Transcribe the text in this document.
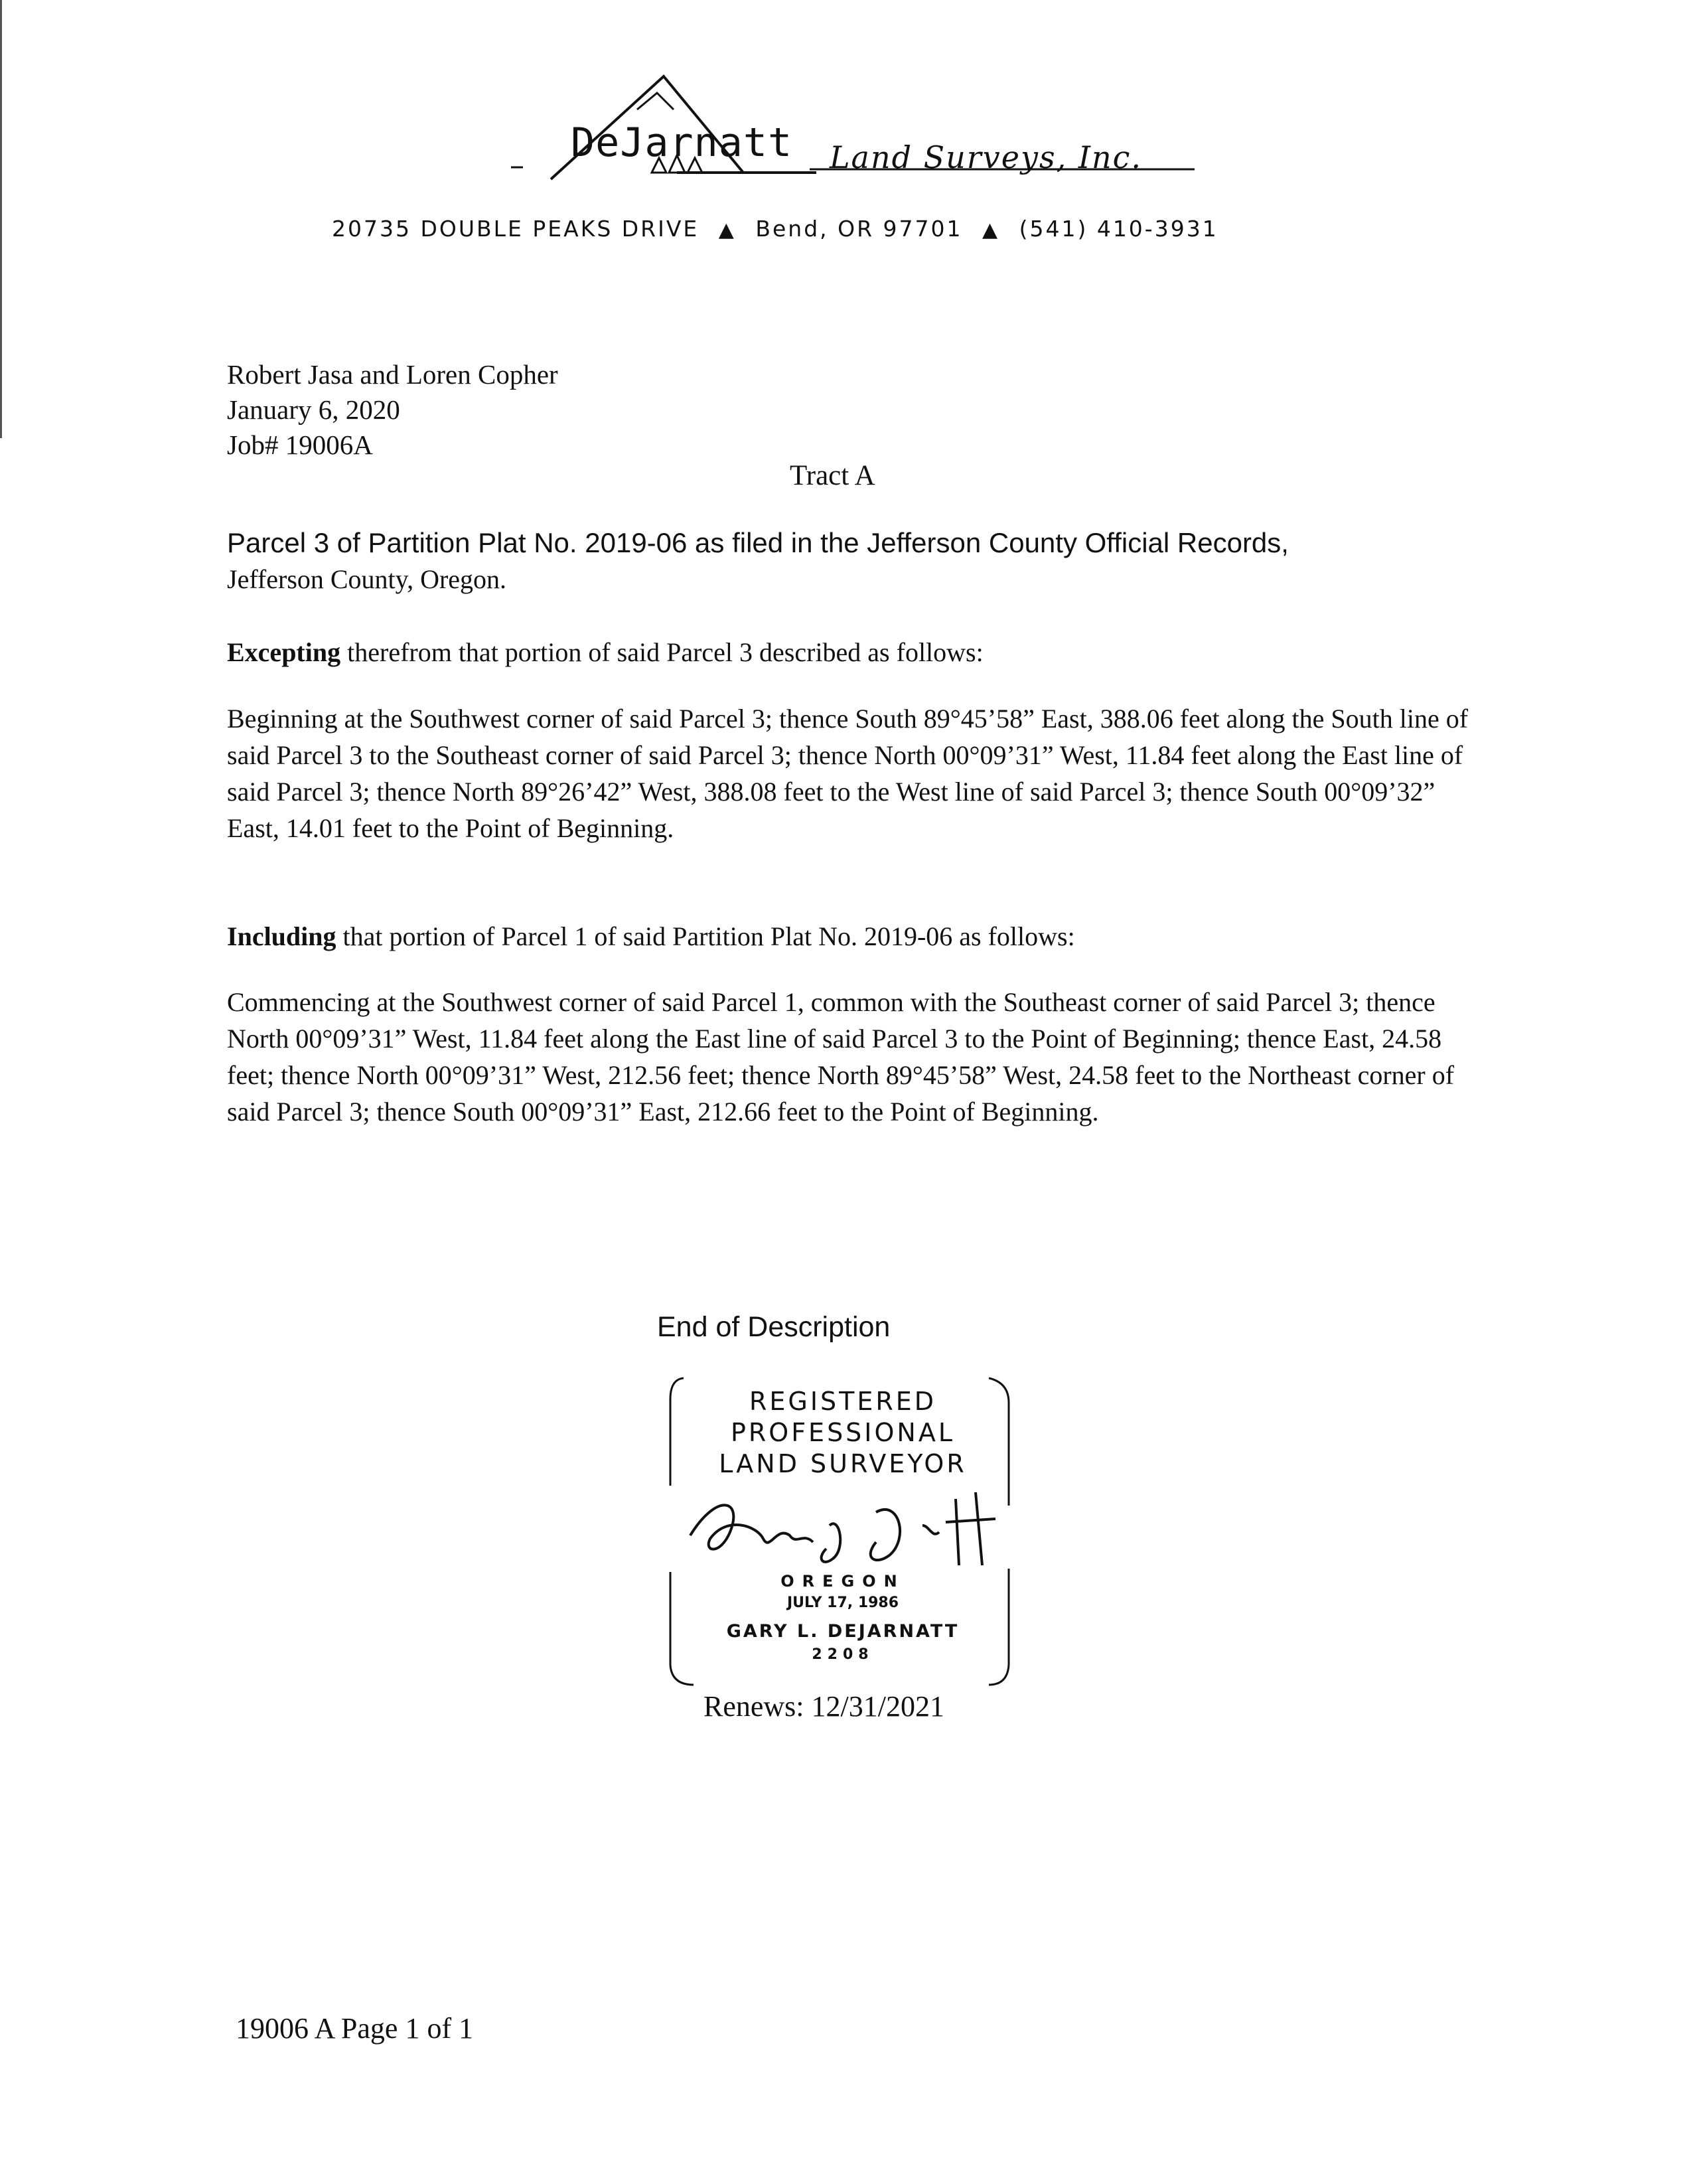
DeJarnatt Land Surveys, Inc.
20735 DOUBLE PEAKS DRIVE ▲ Bend, OR 97701 ▲ (541) 410-3931
Robert Jasa and Loren Copher
January 6, 2020
Job# 19006A
Tract A
Parcel 3 of Partition Plat No. 2019-06 as filed in the Jefferson County Official Records,
Jefferson County, Oregon.
Excepting therefrom that portion of said Parcel 3 described as follows:
Beginning at the Southwest corner of said Parcel 3; thence South 89°45’58” East, 388.06 feet along the South line of said Parcel 3 to the Southeast corner of said Parcel 3; thence North 00°09’31” West, 11.84 feet along the East line of said Parcel 3; thence North 89°26’42” West, 388.08 feet to the West line of said Parcel 3; thence South 00°09’32” East, 14.01 feet to the Point of Beginning.
Including that portion of Parcel 1 of said Partition Plat No. 2019-06 as follows:
Commencing at the Southwest corner of said Parcel 1, common with the Southeast corner of said Parcel 3; thence North 00°09’31” West, 11.84 feet along the East line of said Parcel 3 to the Point of Beginning; thence East, 24.58 feet; thence North 00°09’31” West, 212.56 feet; thence North 89°45’58” West, 24.58 feet to the Northeast corner of said Parcel 3; thence South 00°09’31” East, 212.66 feet to the Point of Beginning.
End of Description
REGISTERED
PROFESSIONAL
LAND SURVEYOR
OREGON
JULY 17, 1986
GARY L. DEJARNATT
2208
Renews: 12/31/2021
19006 A Page 1 of 1
